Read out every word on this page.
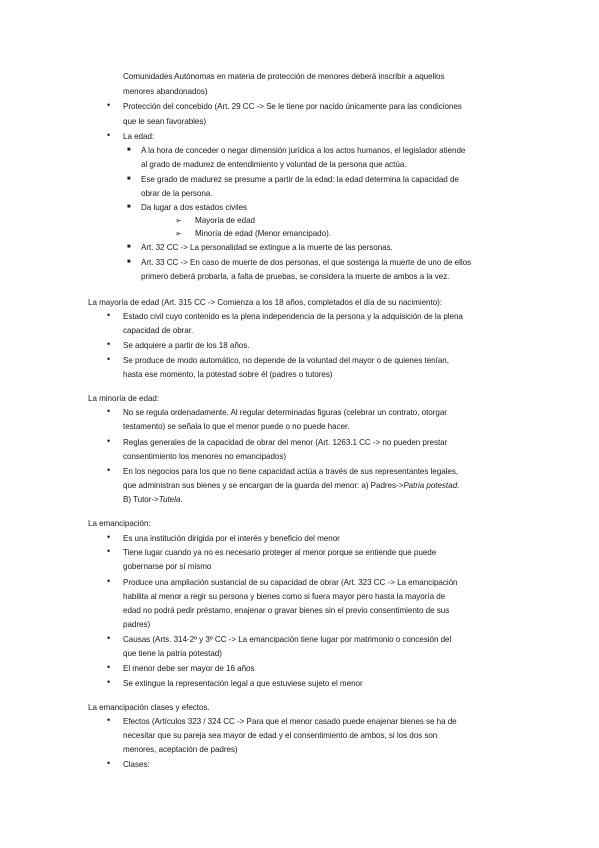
Comunidades Autónomas en materia de protección de menores deberá inscribir a aquellos
menores abandonados)
• Protección del concebido (Art. 29 CC -> Se le tiene por nacido únicamente para las condiciones
que le sean favorables)
• La edad:
■ A la hora de conceder o negar dimensión jurídica a los actos humanos, el legislador atiende
al grado de madurez de entendimiento y voluntad de la persona que actúa.
■ Ese grado de madurez se presume a partir de la edad: la edad determina la capacidad de
obrar de la persona.
■ Da lugar a dos estados civiles
➢ Mayoría de edad
➢ Minoría de edad (Menor emancipado).
■ Art. 32 CC -> La personalidad se extingue a la muerte de las personas.
■ Art. 33 CC -> En caso de muerte de dos personas, el que sostenga la muerte de uno de ellos
primero deberá probarla, a falta de pruebas, se considera la muerte de ambos a la vez.
La mayoría de edad (Art. 315 CC -> Comienza a los 18 años, completados el día de su nacimiento):
• Estado civil cuyo contenido es la plena independencia de la persona y la adquisición de la plena
capacidad de obrar.
• Se adquiere a partir de los 18 años.
• Se produce de modo automático, no depende de la voluntad del mayor o de quienes tenían,
hasta ese momento, la potestad sobre él (padres o tutores)
La minoría de edad:
• No se regula ordenadamente. Al regular determinadas figuras (celebrar un contrato, otorgar
testamento) se señala lo que el menor puede o no puede hacer.
• Reglas generales de la capacidad de obrar del menor (Art. 1263.1 CC -> no pueden prestar
consentimiento los menores no emancipados)
• En los negocios para los que no tiene capacidad actúa a través de sus representantes legales,
que administran sus bienes y se encargan de la guarda del menor: a) Padres->Patria potestad.
B) Tutor->Tutela.
La emancipación:
• Es una institución dirigida por el interés y beneficio del menor
• Tiene lugar cuando ya no es necesario proteger al menor porque se entiende que puede
gobernarse por sí mismo
• Produce una ampliación sustancial de su capacidad de obrar (Art. 323 CC -> La emancipación
habilita al menor a regir su persona y bienes como si fuera mayor pero hasta la mayoría de
edad no podrá pedir préstamo, enajenar o gravar bienes sin el previo consentimiento de sus
padres)
• Causas (Arts. 314-2º y 3º CC -> La emancipación tiene lugar por matrimonio o concesión del
que tiene la patria potestad)
• El menor debe ser mayor de 16 años
• Se extingue la representación legal a que estuviese sujeto el menor
La emancipación clases y efectos.
• Efectos (Artículos 323 / 324 CC -> Para que el menor casado puede enajenar bienes se ha de
necesitar que su pareja sea mayor de edad y el consentimiento de ambos, si los dos son
menores, aceptación de padres)
• Clases:
